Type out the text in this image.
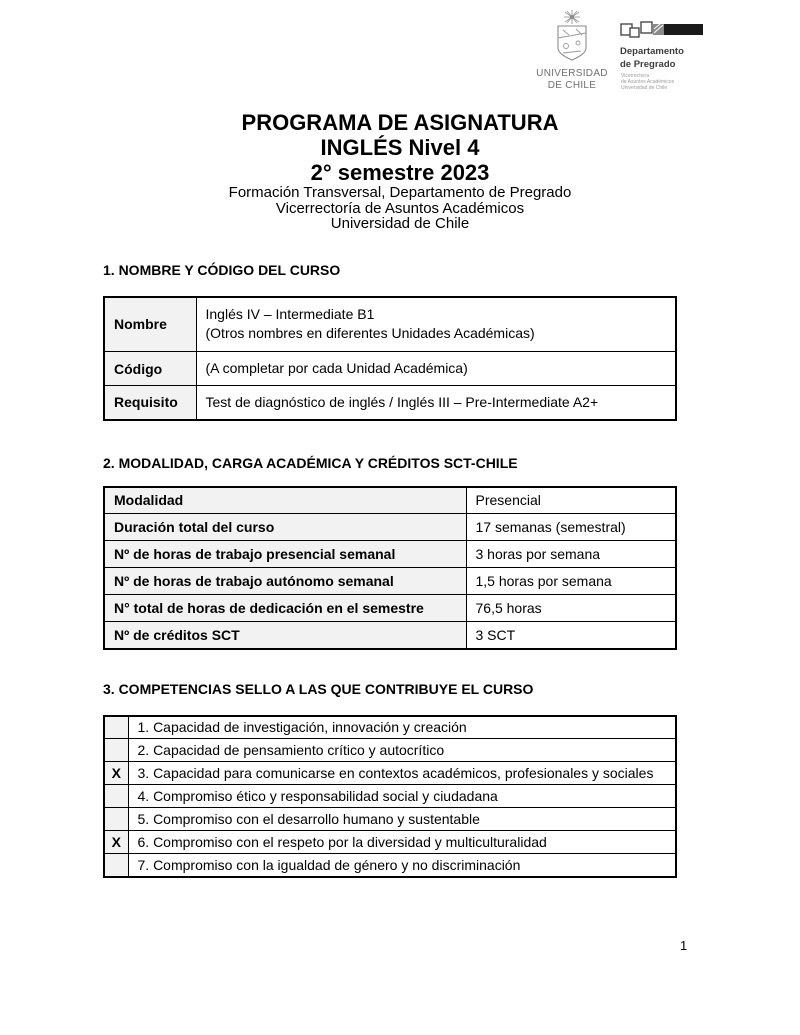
UNIVERSIDAD
DE CHILE
Departamento
de Pregrado
Vicerrectoría
de Asuntos Académicos
Universidad de Chile
PROGRAMA DE ASIGNATURA
INGLÉS Nivel 4
2° semestre 2023
Formación Transversal, Departamento de Pregrado
Vicerrectoría de Asuntos Académicos
Universidad de Chile
1. NOMBRE Y CÓDIGO DEL CURSO
Nombre	Inglés IV – Intermediate B1
(Otros nombres en diferentes Unidades Académicas)

Código	(A completar por cada Unidad Académica)

Requisito	Test de diagnóstico de inglés / Inglés III – Pre-Intermediate A2+
2. MODALIDAD, CARGA ACADÉMICA Y CRÉDITOS SCT-CHILE
Modalidad	Presencial
Duración total del curso	17 semanas (semestral)
Nº de horas de trabajo presencial semanal	3 horas por semana
Nº de horas de trabajo autónomo semanal	1,5 horas por semana
N° total de horas de dedicación en el semestre	76,5 horas
Nº de créditos SCT	3 SCT
3. COMPETENCIAS SELLO A LAS QUE CONTRIBUYE EL CURSO
	1. Capacidad de investigación, innovación y creación
	2. Capacidad de pensamiento crítico y autocrítico
X	3. Capacidad para comunicarse en contextos académicos, profesionales y sociales
	4. Compromiso ético y responsabilidad social y ciudadana
	5. Compromiso con el desarrollo humano y sustentable
X	6. Compromiso con el respeto por la diversidad y multiculturalidad
	7. Compromiso con la igualdad de género y no discriminación
1
